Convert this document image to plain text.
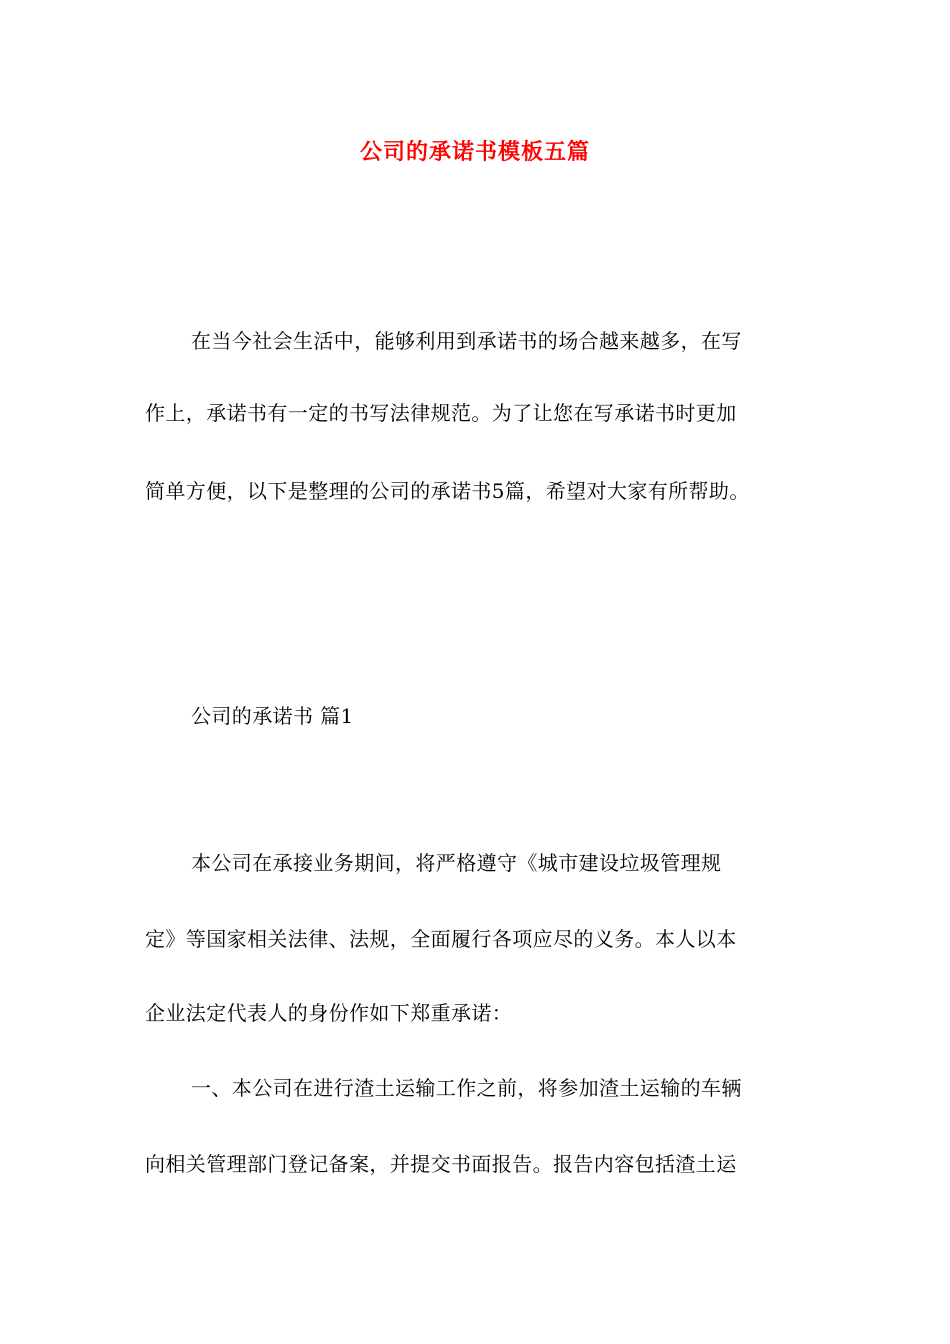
公司的承诺书模板五篇
在当今社会生活中，能够利用到承诺书的场合越来越多，在写
作上，承诺书有一定的书写法律规范。为了让您在写承诺书时更加
简单方便，以下是整理的公司的承诺书5篇，希望对大家有所帮助。
公司的承诺书 篇1
本公司在承接业务期间，将严格遵守《城市建设垃圾管理规
定》等国家相关法律、法规，全面履行各项应尽的义务。本人以本
企业法定代表人的身份作如下郑重承诺：
一、本公司在进行渣土运输工作之前，将参加渣土运输的车辆
向相关管理部门登记备案，并提交书面报告。报告内容包括渣土运
